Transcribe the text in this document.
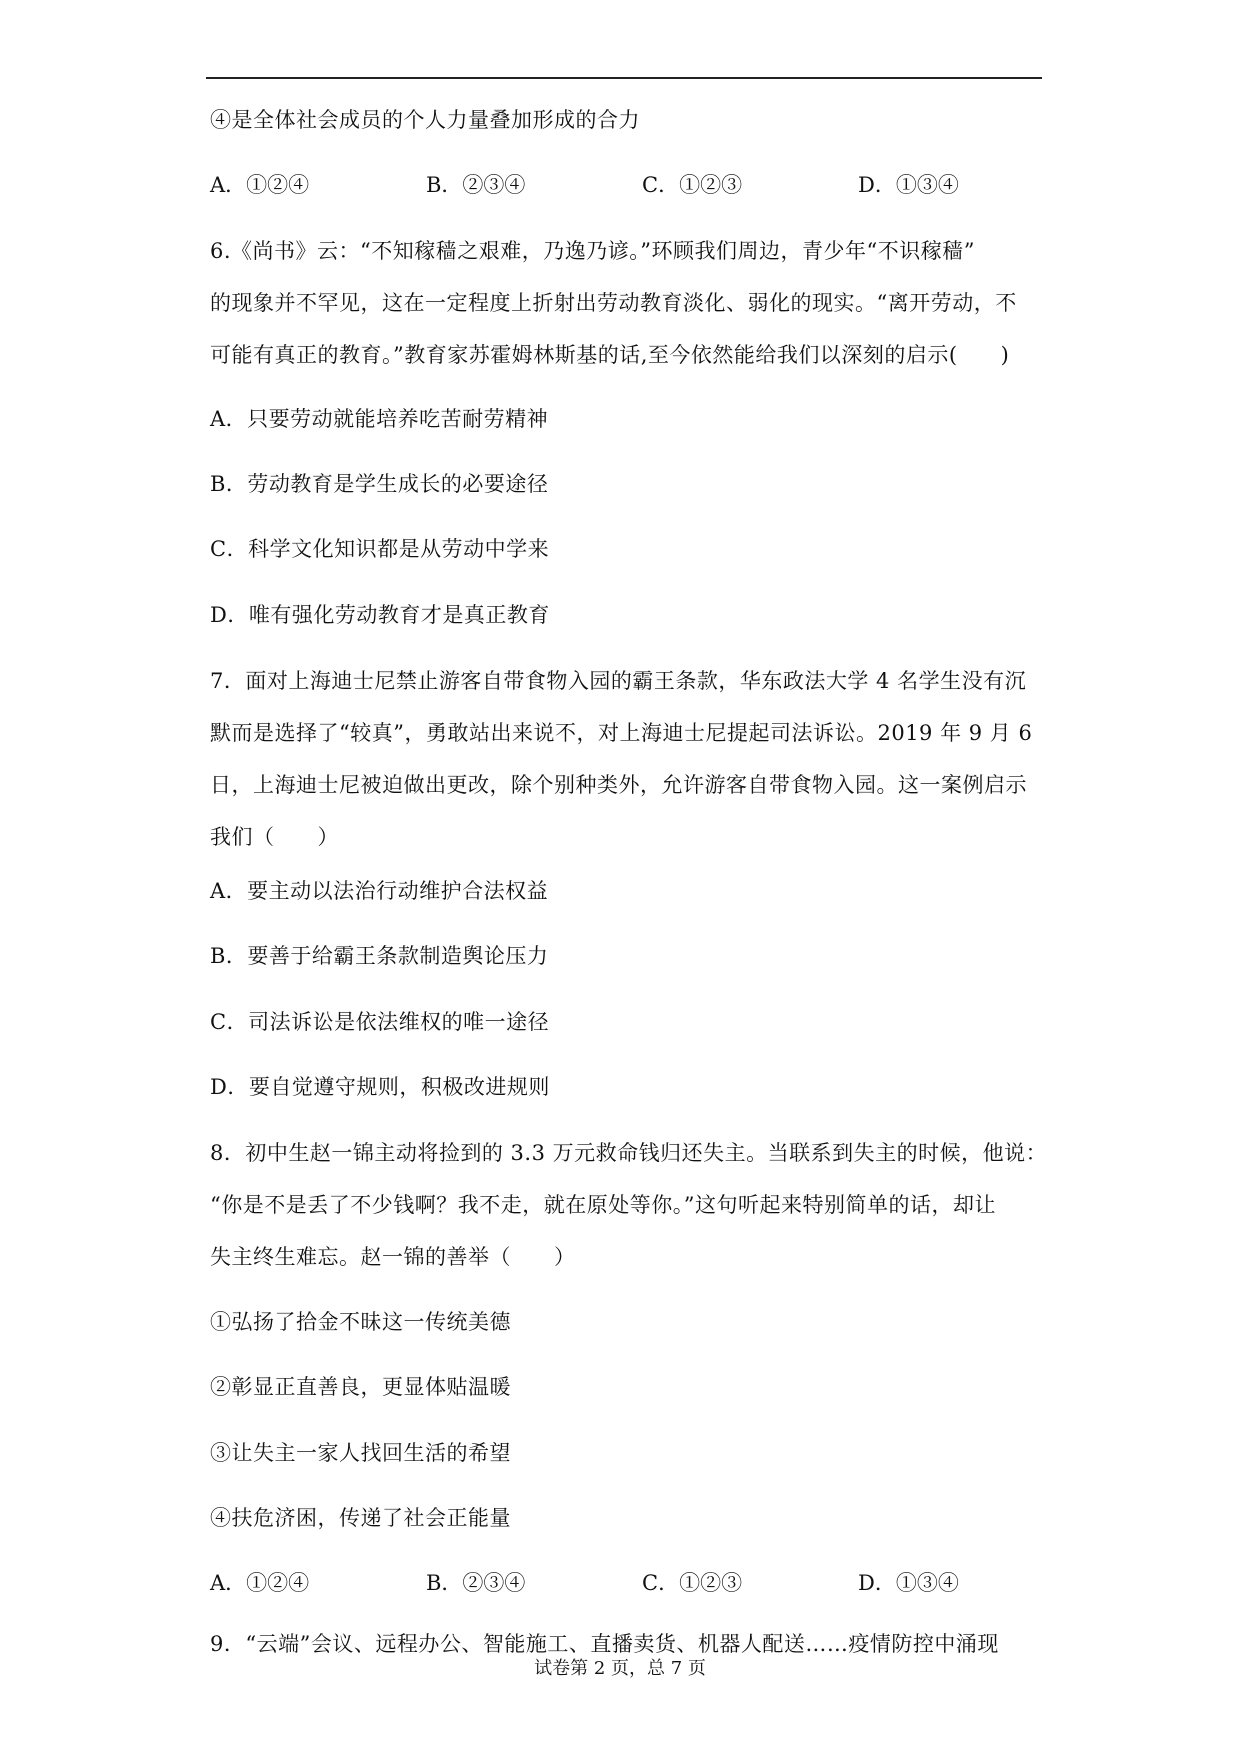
④是全体社会成员的个人力量叠加形成的合力
A．①②④	B．②③④	C．①②③	D．①③④
6.《尚书》云：“不知稼穑之艰难，乃逸乃谚。”环顾我们周边，青少年“不识稼穑”
的现象并不罕见，这在一定程度上折射出劳动教育淡化、弱化的现实。“离开劳动，不
可能有真正的教育。”教育家苏霍姆林斯基的话,至今依然能给我们以深刻的启示(　　)
A．只要劳动就能培养吃苦耐劳精神
B．劳动教育是学生成长的必要途径
C．科学文化知识都是从劳动中学来
D．唯有强化劳动教育才是真正教育
7．面对上海迪士尼禁止游客自带食物入园的霸王条款，华东政法大学 4 名学生没有沉
默而是选择了“较真”，勇敢站出来说不，对上海迪士尼提起司法诉讼。2019 年 9 月 6
日，上海迪士尼被迫做出更改，除个别种类外，允许游客自带食物入园。这一案例启示
我们（　　）
A．要主动以法治行动维护合法权益
B．要善于给霸王条款制造舆论压力
C．司法诉讼是依法维权的唯一途径
D．要自觉遵守规则，积极改进规则
8．初中生赵一锦主动将捡到的 3.3 万元救命钱归还失主。当联系到失主的时候，他说：
“你是不是丢了不少钱啊？我不走，就在原处等你。”这句听起来特别简单的话，却让
失主终生难忘。赵一锦的善举（　　）
①弘扬了拾金不昧这一传统美德
②彰显正直善良，更显体贴温暖
③让失主一家人找回生活的希望
④扶危济困，传递了社会正能量
A．①②④	B．②③④	C．①②③	D．①③④
9．“云端”会议、远程办公、智能施工、直播卖货、机器人配送……疫情防控中涌现
试卷第 2 页，总 7 页
